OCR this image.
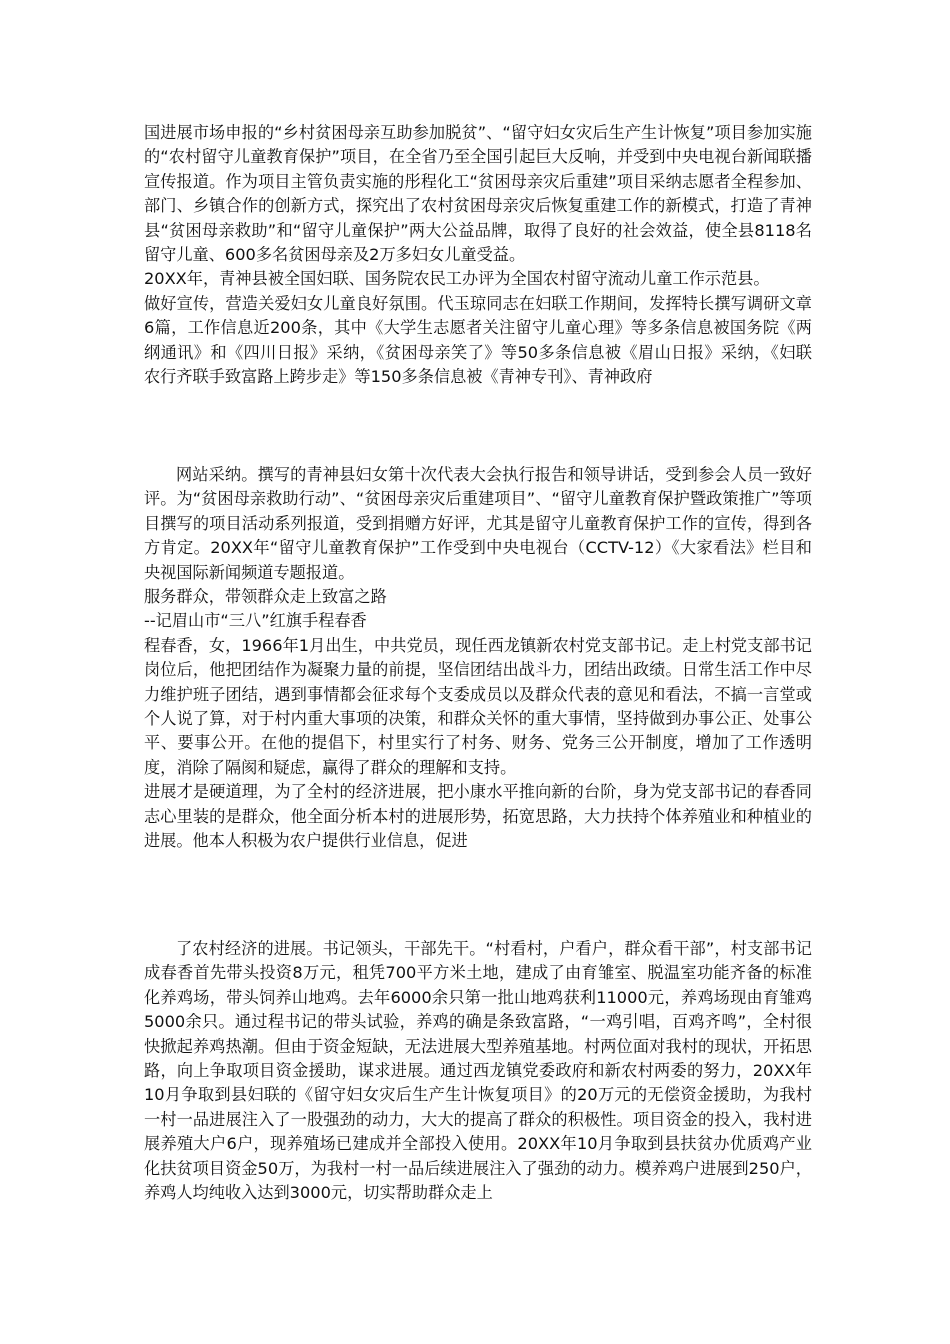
国进展市场申报的“乡村贫困母亲互助参加脱贫”、“留守妇女灾后生产生计恢复”项目参加实施的“农村留守儿童教育保护”项目，在全省乃至全国引起巨大反响，并受到中央电视台新闻联播宣传报道。作为项目主管负责实施的彤程化工“贫困母亲灾后重建”项目采纳志愿者全程参加、部门、乡镇合作的创新方式，探究出了农村贫困母亲灾后恢复重建工作的新模式，打造了青神县“贫困母亲救助”和“留守儿童保护”两大公益品牌，取得了良好的社会效益，使全县8118名留守儿童、600多名贫困母亲及2万多妇女儿童受益。

20XX年，青神县被全国妇联、国务院农民工办评为全国农村留守流动儿童工作示范县。

做好宣传，营造关爱妇女儿童良好氛围。代玉琼同志在妇联工作期间，发挥特长撰写调研文章6篇，工作信息近200条，其中《大学生志愿者关注留守儿童心理》等多条信息被国务院《两纲通讯》和《四川日报》采纳，《贫困母亲笑了》等50多条信息被《眉山日报》采纳，《妇联农行齐联手致富路上跨步走》等150多条信息被《青神专刊》、青神政府

网站采纳。撰写的青神县妇女第十次代表大会执行报告和领导讲话，受到参会人员一致好评。为“贫困母亲救助行动”、“贫困母亲灾后重建项目”、“留守儿童教育保护暨政策推广”等项目撰写的项目活动系列报道，受到捐赠方好评，尤其是留守儿童教育保护工作的宣传，得到各方肯定。20XX年“留守儿童教育保护”工作受到中央电视台（CCTV-12）《大家看法》栏目和央视国际新闻频道专题报道。

服务群众，带领群众走上致富之路

--记眉山市“三八”红旗手程春香

程春香，女，1966年1月出生，中共党员，现任西龙镇新农村党支部书记。走上村党支部书记岗位后，他把团结作为凝聚力量的前提，坚信团结出战斗力，团结出政绩。日常生活工作中尽力维护班子团结，遇到事情都会征求每个支委成员以及群众代表的意见和看法，不搞一言堂或个人说了算，对于村内重大事项的决策，和群众关怀的重大事情，坚持做到办事公正、处事公平、要事公开。在他的提倡下，村里实行了村务、财务、党务三公开制度，增加了工作透明度，消除了隔阂和疑虑，赢得了群众的理解和支持。

进展才是硬道理，为了全村的经济进展，把小康水平推向新的台阶，身为党支部书记的春香同志心里装的是群众，他全面分析本村的进展形势，拓宽思路，大力扶持个体养殖业和种植业的进展。他本人积极为农户提供行业信息，促进

了农村经济的进展。书记领头，干部先干。“村看村，户看户，群众看干部”，村支部书记成春香首先带头投资8万元，租凭700平方米土地，建成了由育雏室、脱温室功能齐备的标准化养鸡场，带头饲养山地鸡。去年6000余只第一批山地鸡获利11000元，养鸡场现由育雏鸡5000余只。通过程书记的带头试验，养鸡的确是条致富路，“一鸡引唱，百鸡齐鸣”，全村很快掀起养鸡热潮。但由于资金短缺，无法进展大型养殖基地。村两位面对我村的现状，开拓思路，向上争取项目资金援助，谋求进展。通过西龙镇党委政府和新农村两委的努力，20XX年10月争取到县妇联的《留守妇女灾后生产生计恢复项目》的20万元的无偿资金援助，为我村一村一品进展注入了一股强劲的动力，大大的提高了群众的积极性。项目资金的投入，我村进展养殖大户6户，现养殖场已建成并全部投入使用。20XX年10月争取到县扶贫办优质鸡产业化扶贫项目资金50万，为我村一村一品后续进展注入了强劲的动力。模养鸡户进展到250户，养鸡人均纯收入达到3000元，切实帮助群众走上
